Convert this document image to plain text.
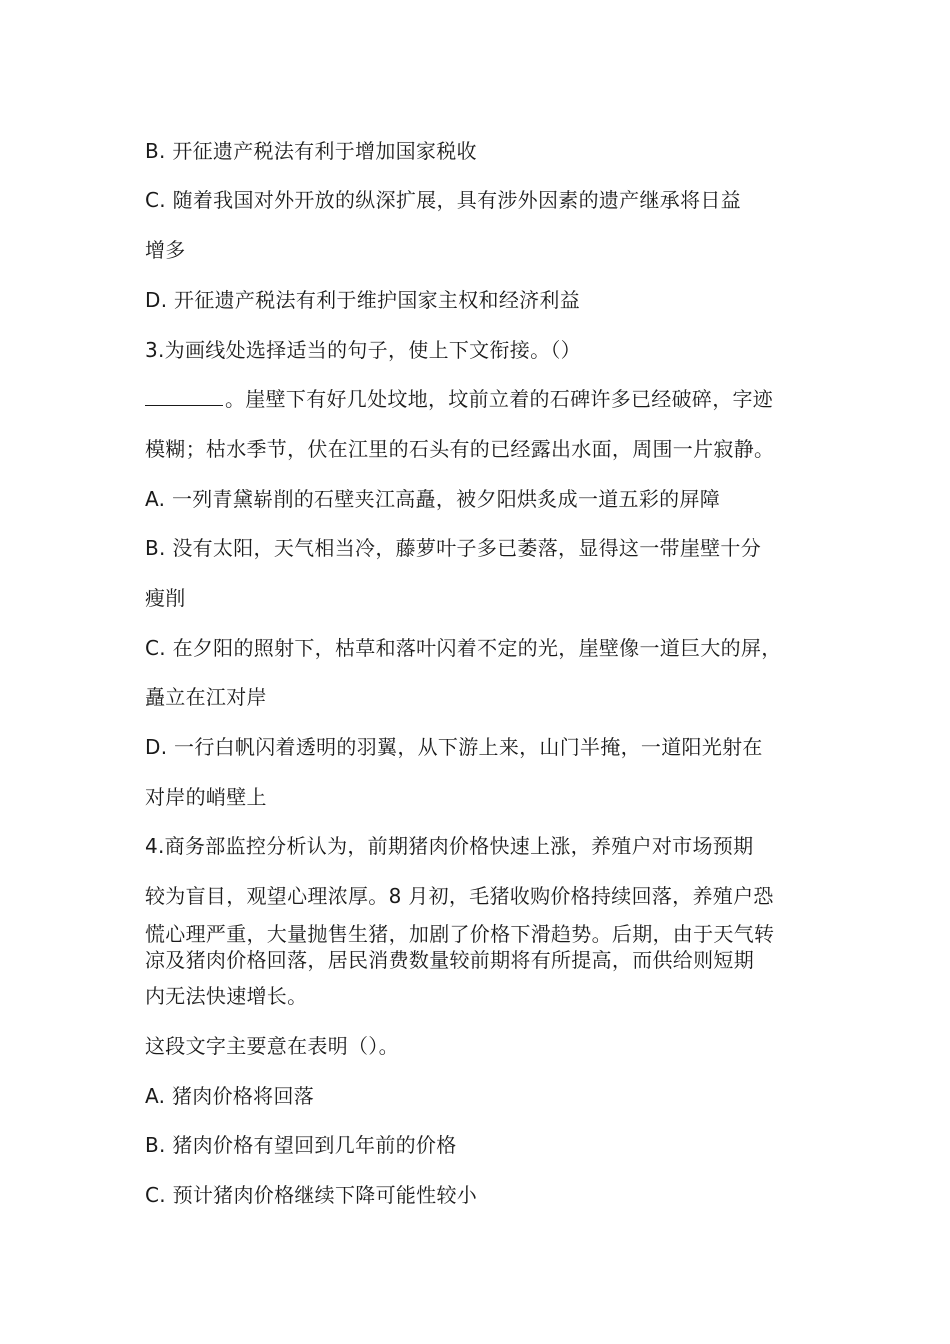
B. 开征遗产税法有利于增加国家税收
C. 随着我国对外开放的纵深扩展，具有涉外因素的遗产继承将日益
增多
D. 开征遗产税法有利于维护国家主权和经济利益
3.为画线处选择适当的句子，使上下文衔接。（）
。崖壁下有好几处坟地，坟前立着的石碑许多已经破碎，字迹
模糊；枯水季节，伏在江里的石头有的已经露出水面，周围一片寂静。
A. 一列青黛崭削的石壁夹江高矗，被夕阳烘炙成一道五彩的屏障
B. 没有太阳，天气相当冷，藤萝叶子多已萎落，显得这一带崖壁十分
瘦削
C. 在夕阳的照射下，枯草和落叶闪着不定的光，崖壁像一道巨大的屏，
矗立在江对岸
D. 一行白帆闪着透明的羽翼，从下游上来，山门半掩，一道阳光射在
对岸的峭壁上
4.商务部监控分析认为，前期猪肉价格快速上涨，养殖户对市场预期
较为盲目，观望心理浓厚。8 月初，毛猪收购价格持续回落，养殖户恐
慌心理严重，大量抛售生猪，加剧了价格下滑趋势。后期，由于天气转
凉及猪肉价格回落，居民消费数量较前期将有所提高，而供给则短期
内无法快速增长。
这段文字主要意在表明（）。
A. 猪肉价格将回落
B. 猪肉价格有望回到几年前的价格
C. 预计猪肉价格继续下降可能性较小
